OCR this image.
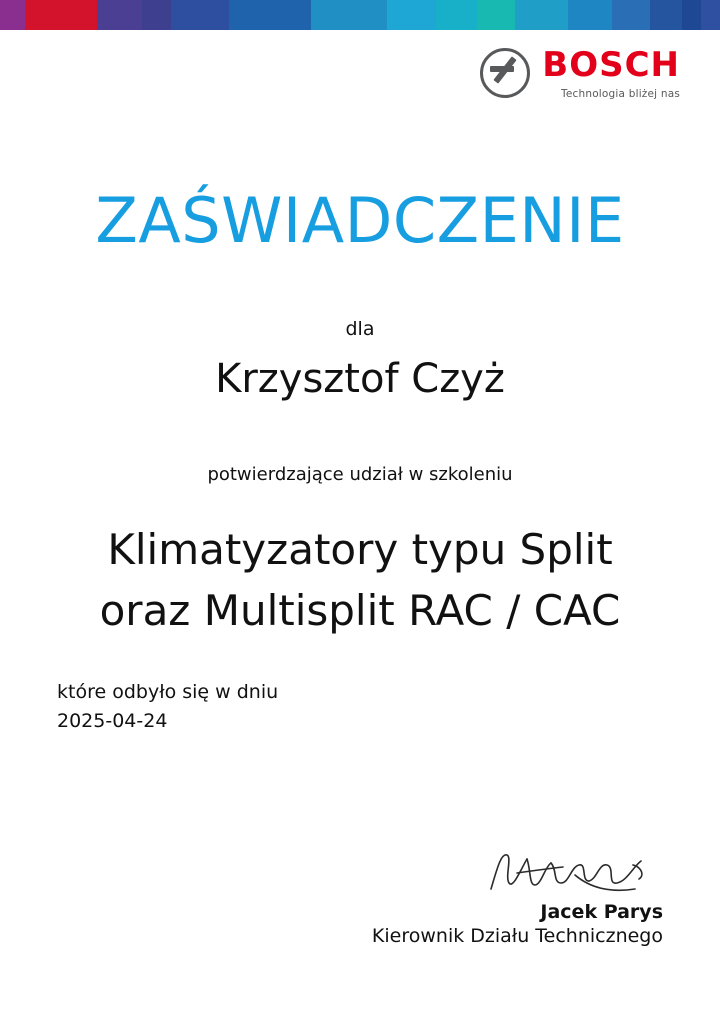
BOSCH
Technologia bliżej nas
ZAŚWIADCZENIE
dla
Krzysztof Czyż
potwierdzające udział w szkoleniu
Klimatyzatory typu Split
oraz Multisplit RAC / CAC
które odbyło się w dniu
2025-04-24
Jacek Parys
Kierownik Działu Technicznego
